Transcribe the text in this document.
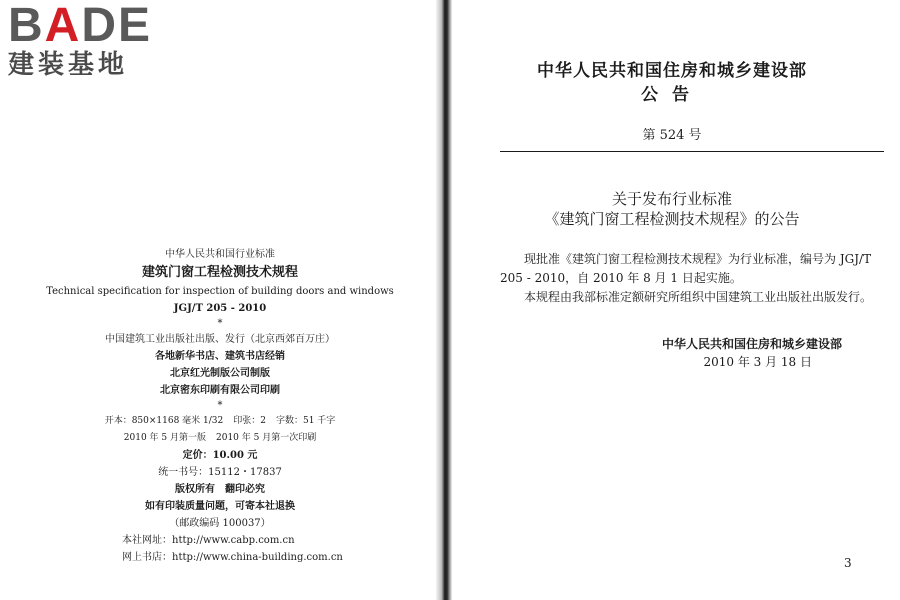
BADE
建装基地
中华人民共和国行业标准
建筑门窗工程检测技术规程
Technical specification for inspection of building doors and windows
JGJ/T 205 - 2010
*
中国建筑工业出版社出版、发行（北京西郊百万庄）
各地新华书店、建筑书店经销
北京红光制版公司制版
北京密东印刷有限公司印刷
*
开本：850×1168 毫米 1/32 印张：2 字数：51 千字
2010 年 5 月第一版 2010 年 5 月第一次印刷
定价：10.00 元
统一书号：15112・17837
版权所有 翻印必究
如有印装质量问题，可寄本社退换
（邮政编码 100037）
本社网址：http://www.cabp.com.cn
网上书店：http://www.china-building.com.cn
中华人民共和国住房和城乡建设部
公告
第 524 号
关于发布行业标准
《建筑门窗工程检测技术规程》的公告

现批准《建筑门窗工程检测技术规程》为行业标准，编号为 JGJ/T 205 - 2010，自 2010 年 8 月 1 日起实施。

本规程由我部标准定额研究所组织中国建筑工业出版社出版发行。

中华人民共和国住房和城乡建设部
2010 年 3 月 18 日
3
